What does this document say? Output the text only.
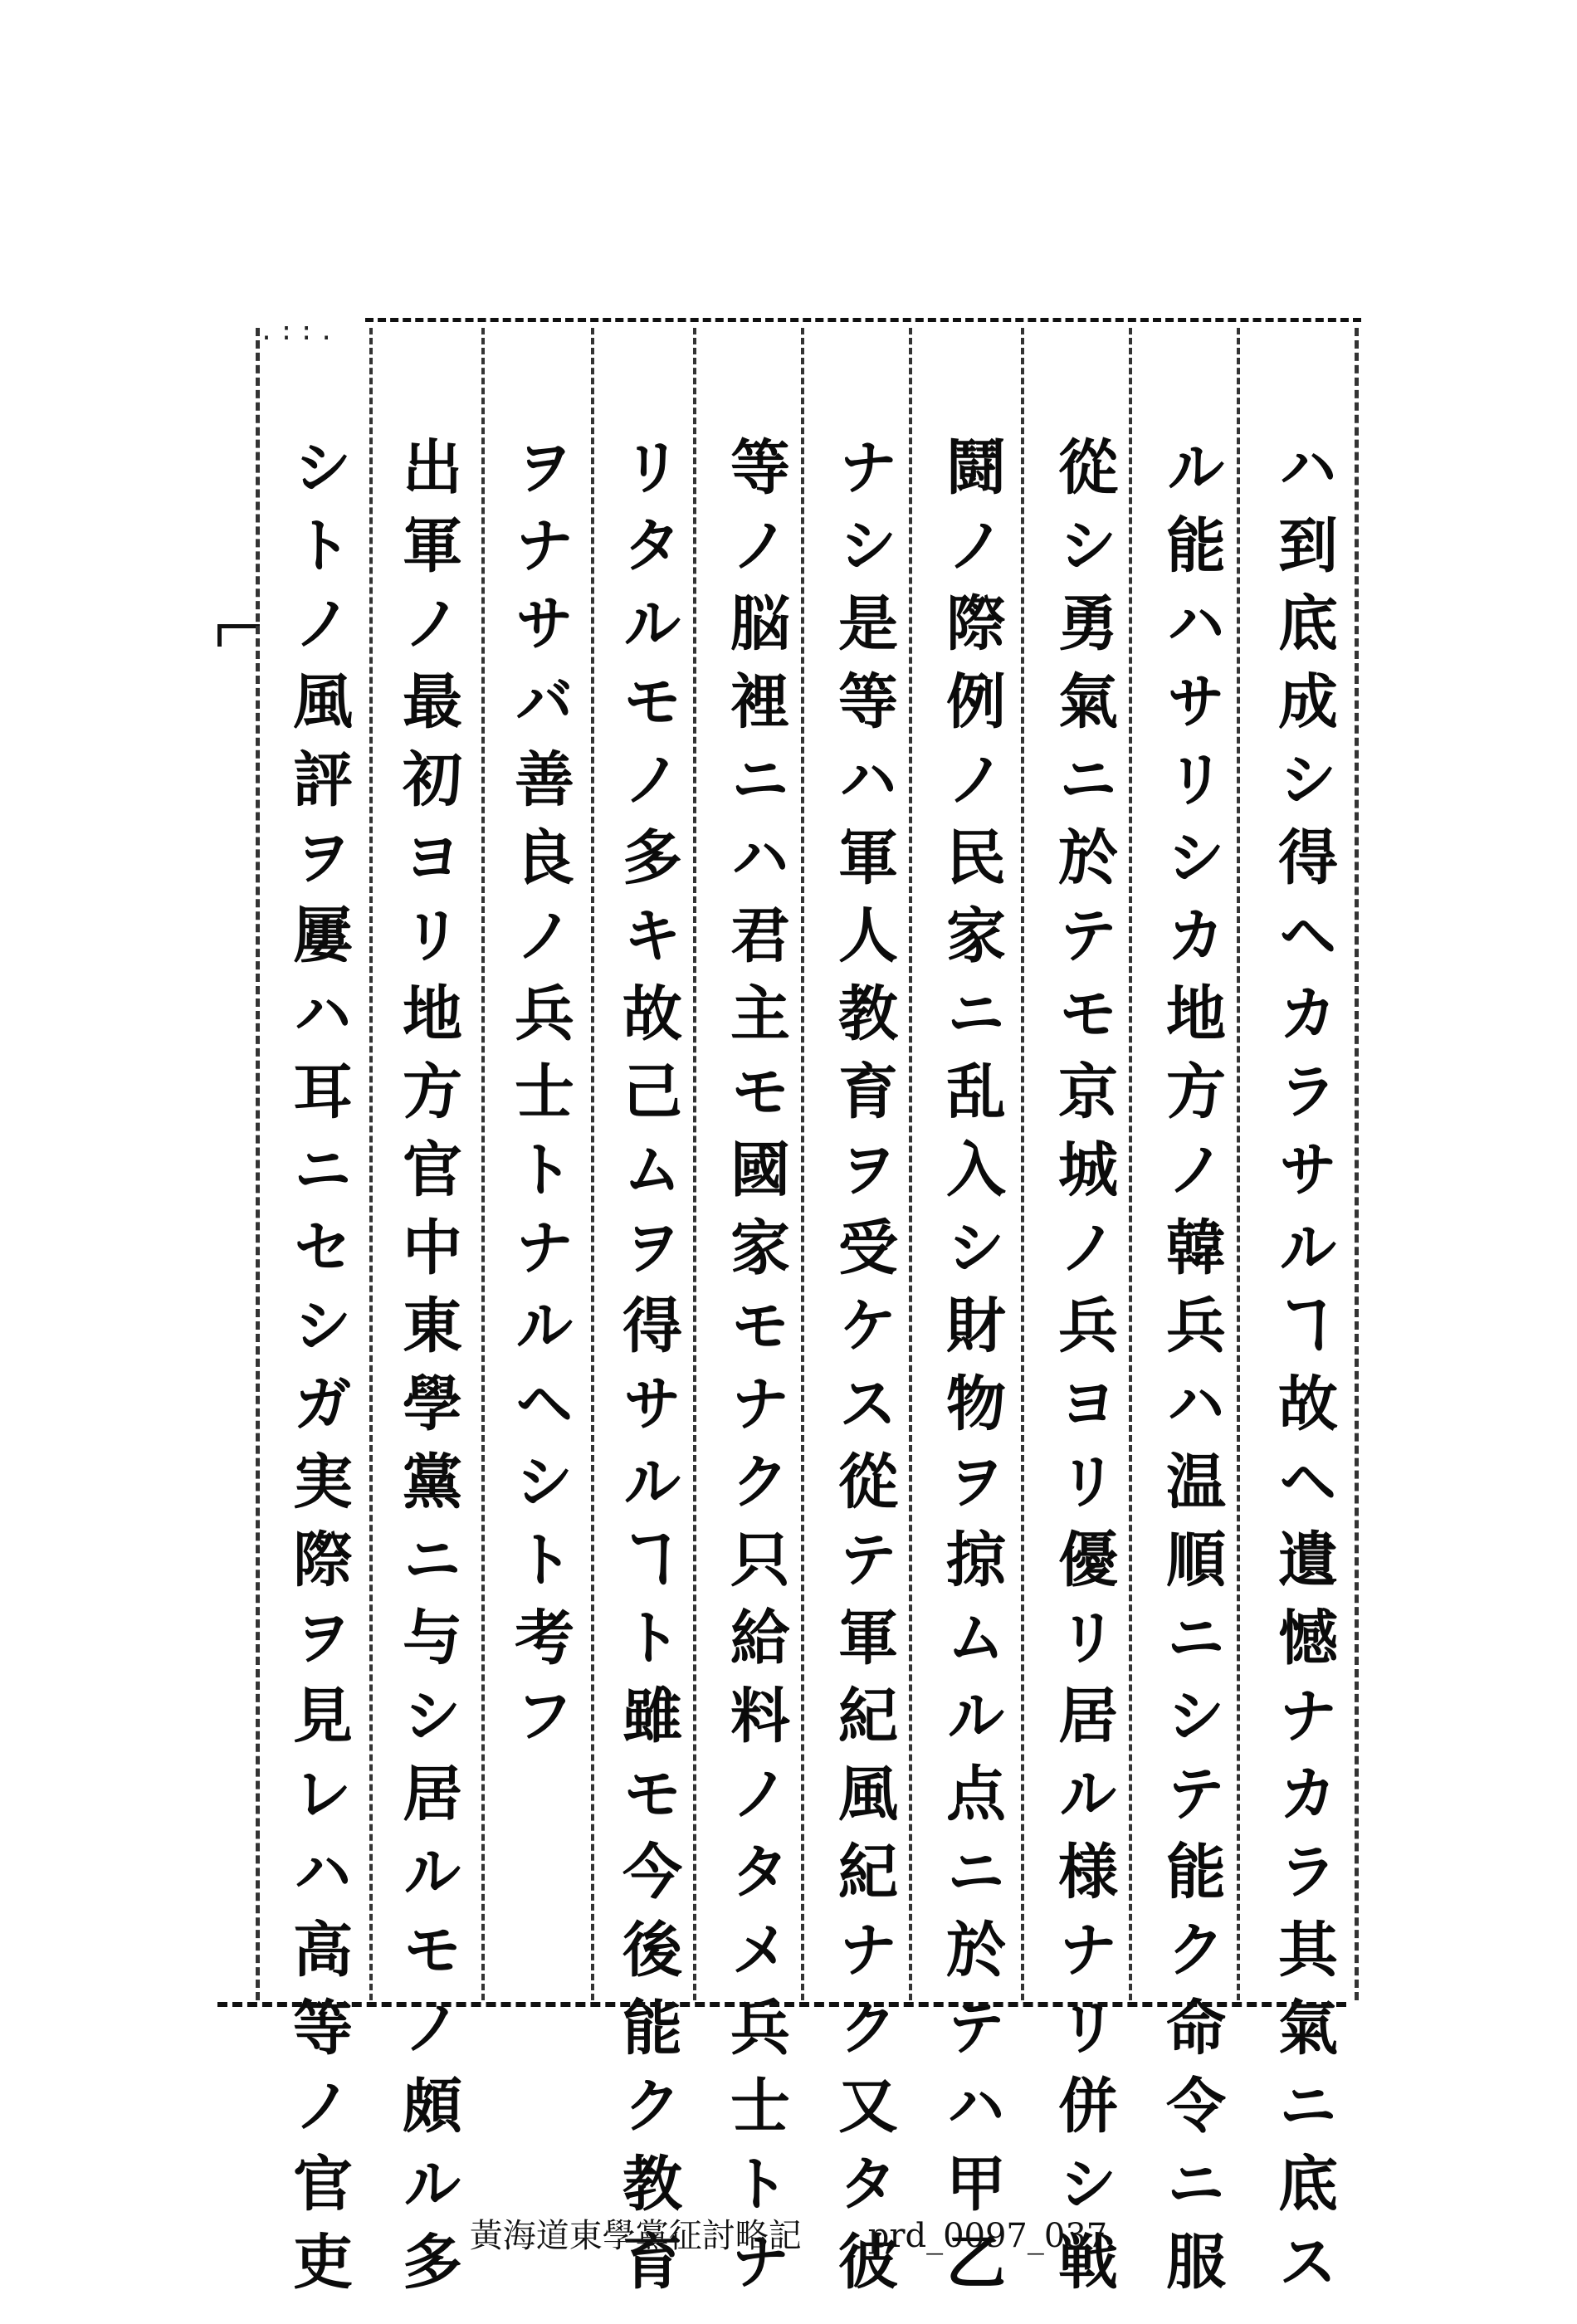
.::.
ハ到底成シ得ヘカラサルヿ故ヘ遺憾ナカラ其氣ニ底ス
ル能ハサリシカ地方ノ韓兵ハ温順ニシテ能ク命令ニ服
從シ勇氣ニ於テモ京城ノ兵ヨリ優リ居ル様ナリ併シ戦
鬪ノ際例ノ民家ニ乱入シ財物ヲ掠ムル点ニ於テハ甲乙
ナシ是等ハ軍人教育ヲ受ケス從テ軍紀風紀ナク又タ彼
等ノ脳裡ニハ君主モ國家モナク只給料ノタメ兵士トナ
リタルモノ多キ故己ムヲ得サルヿト雖モ今後能ク教育
ヲナサバ善良ノ兵士トナルヘシト考フ
出軍ノ最初ヨリ地方官中東學黨ニ与シ居ルモノ頗ル多
シトノ風評ヲ屢ハ耳ニセシガ実際ヲ見レハ高等ノ官吏	黃海道東學黨征討略記 prd_0097_037
